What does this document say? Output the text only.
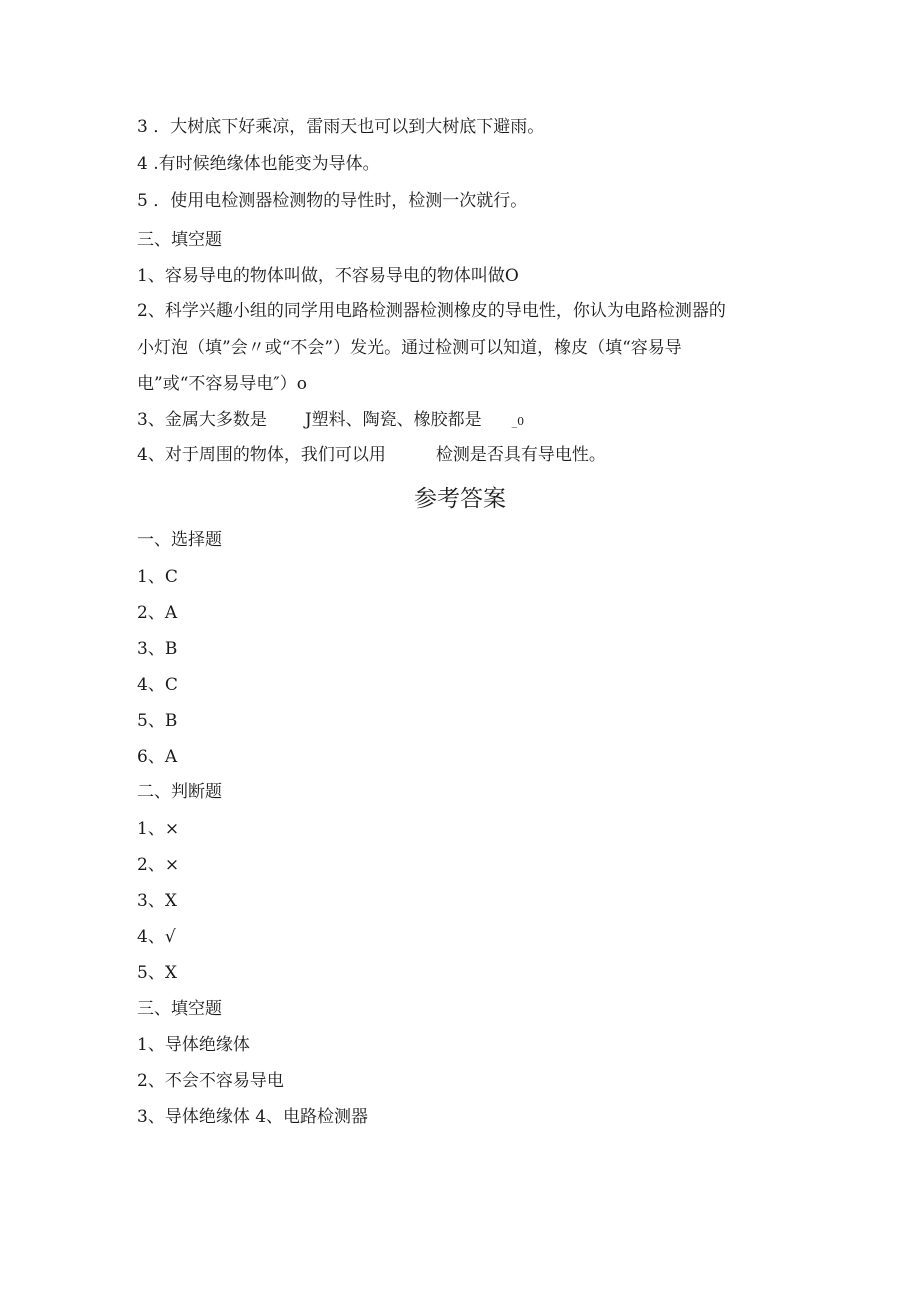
3 ．大树底下好乘凉，雷雨天也可以到大树底下避雨。
4 .有时候绝缘体也能变为导体。
5 ．使用电检测器检测物的导性时，检测一次就行。
三、填空题
1、容易导电的物体叫做，不容易导电的物体叫做O
2、科学兴趣小组的同学用电路检测器检测橡皮的导电性，你认为电路检测器的
小灯泡（填”会〃或“不会”）发光。通过检测可以知道，橡皮（填“容易导
电”或“不容易导电″）o
3、金属大多数是 J塑料、陶瓷、橡胶都是	_0
4、对于周围的物体，我们可以用	检测是否具有导电性。
参考答案
一、选择题
1、C
2、A
3、B
4、C
5、B
6、A
二、判断题
1、×
2、×
3、X
4、√
5、X
三、填空题
1、导体绝缘体
2、不会不容易导电
3、导体绝缘体 4、电路检测器
